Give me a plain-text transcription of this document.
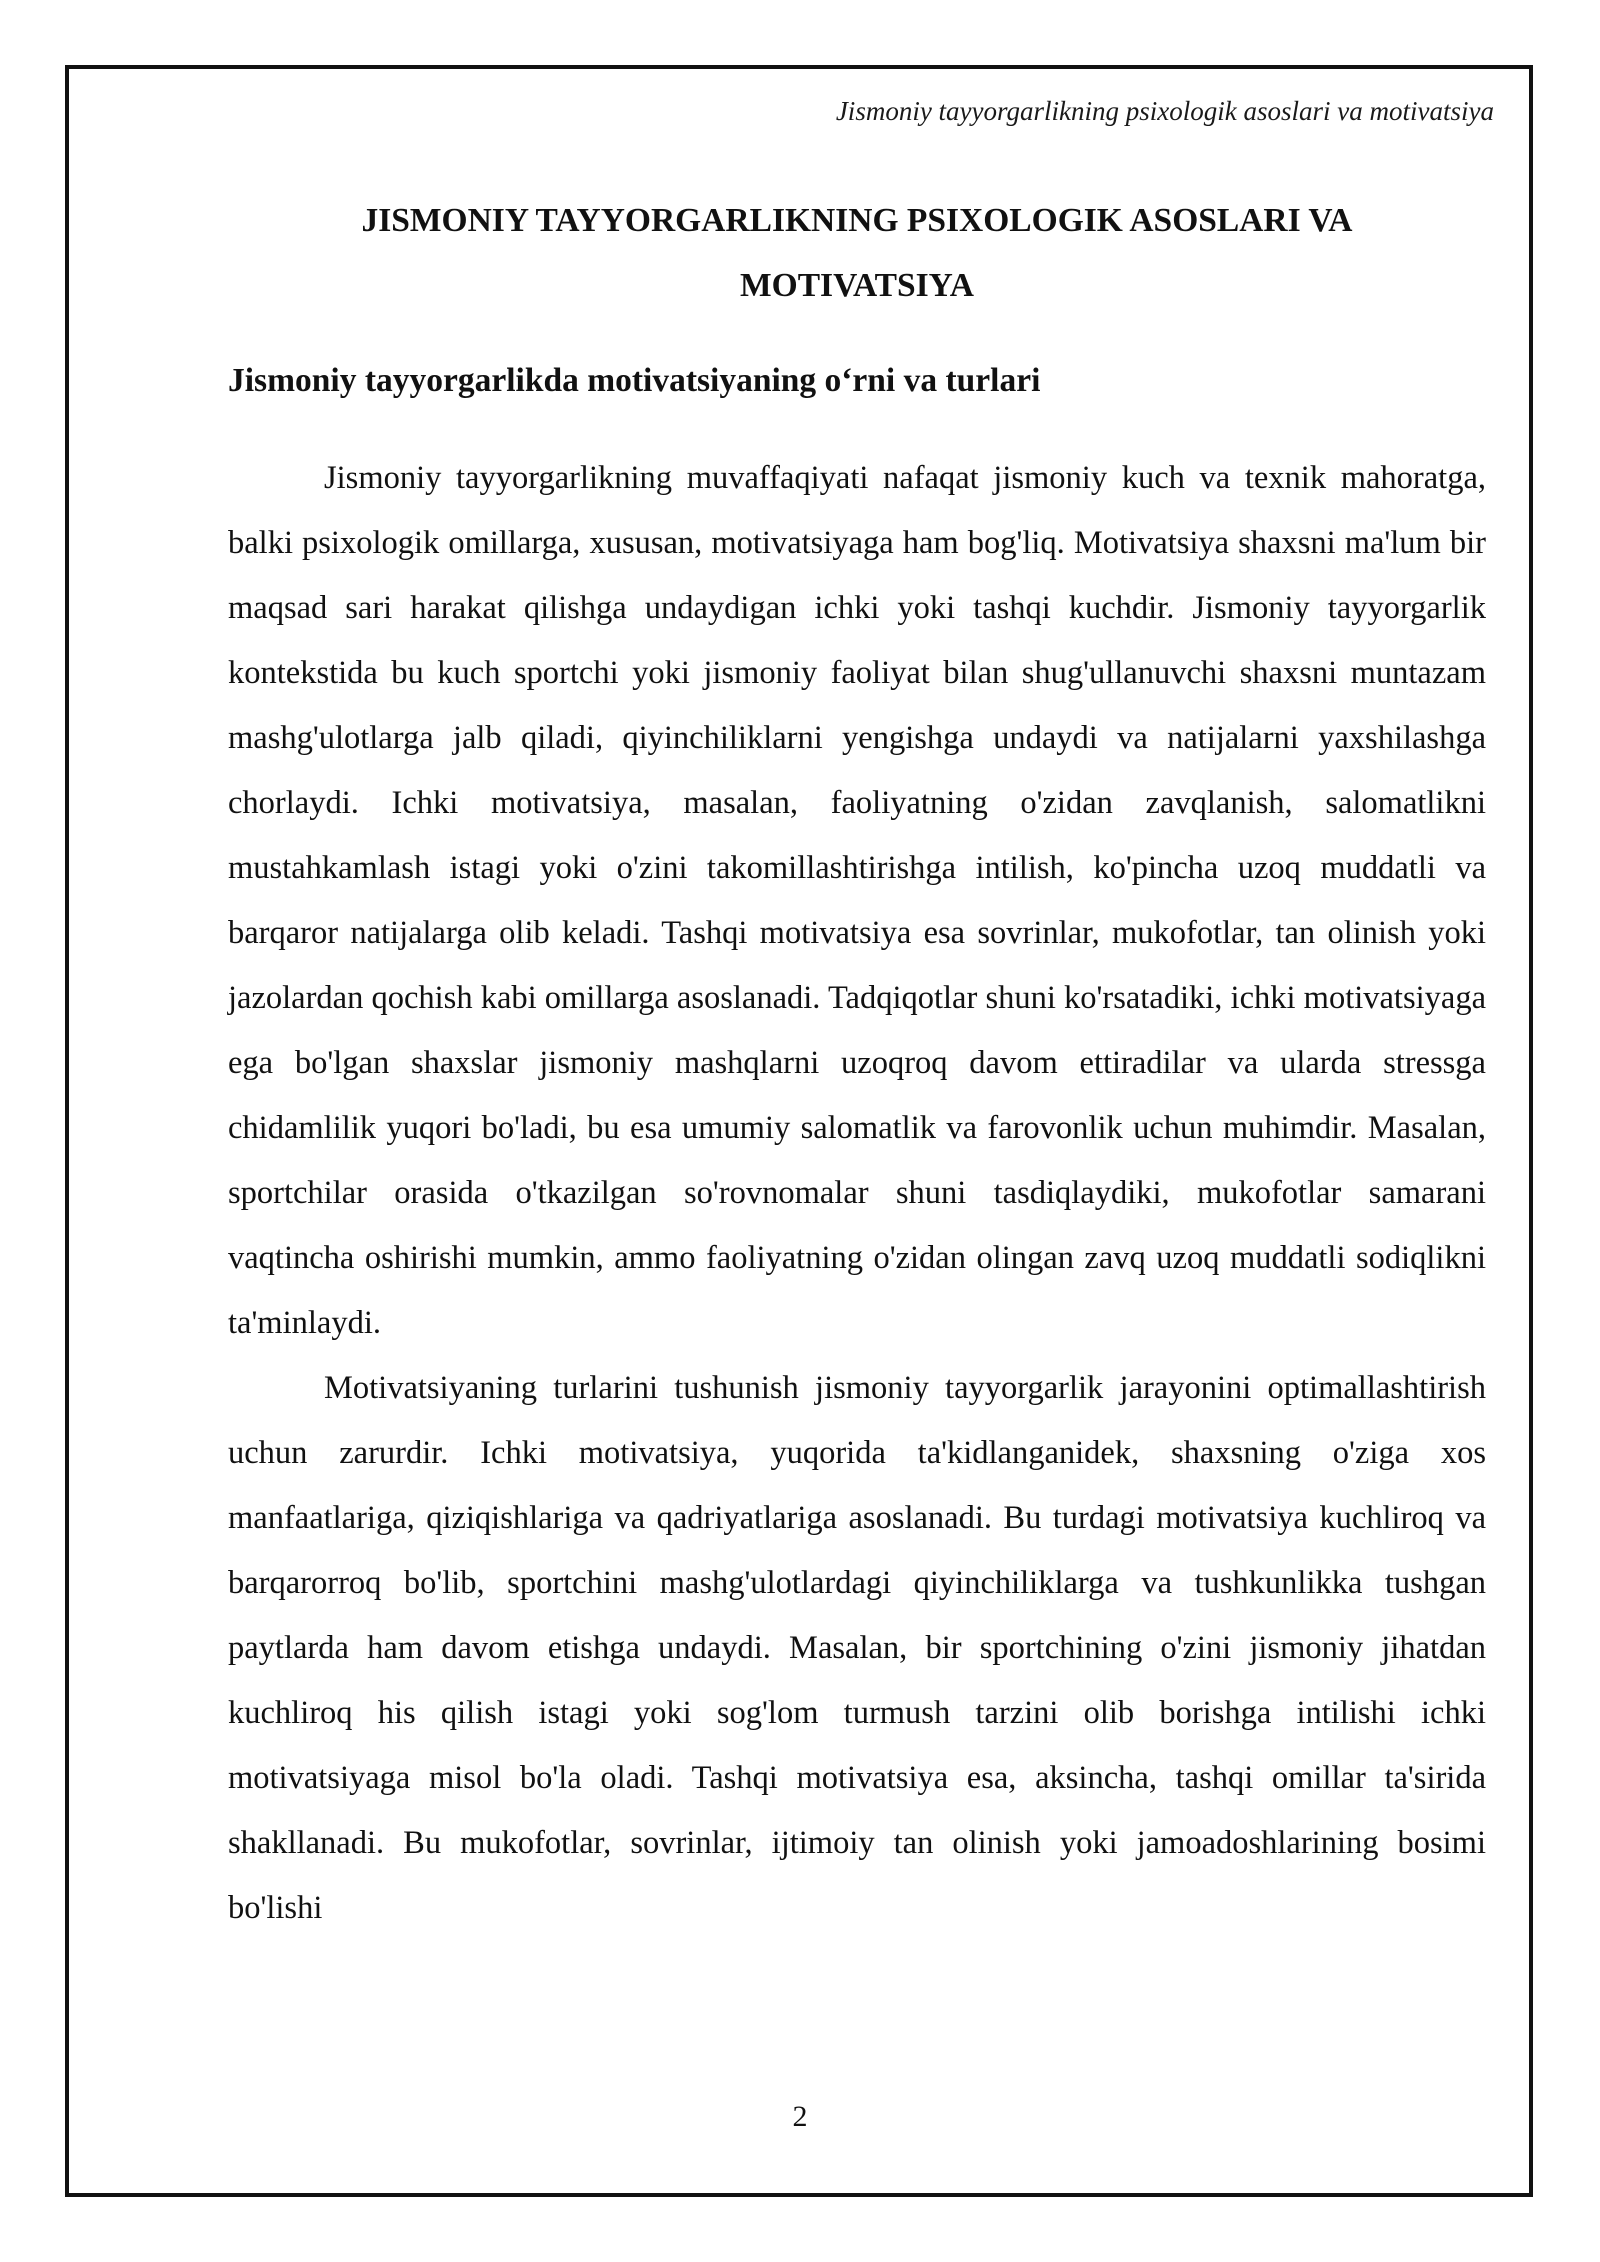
Jismoniy tayyorgarlikning psixologik asoslari va motivatsiya
JISMONIY TAYYORGARLIKNING PSIXOLOGIK ASOSLARI VA
MOTIVATSIYA
Jismoniy tayyorgarlikda motivatsiyaning oʻrni va turlari

Jismoniy tayyorgarlikning muvaffaqiyati nafaqat jismoniy kuch va texnik mahoratga, balki psixologik omillarga, xususan, motivatsiyaga ham bog'liq. Motivatsiya shaxsni ma'lum bir maqsad sari harakat qilishga undaydigan ichki yoki tashqi kuchdir. Jismoniy tayyorgarlik kontekstida bu kuch sportchi yoki jismoniy faoliyat bilan shug'ullanuvchi shaxsni muntazam mashg'ulotlarga jalb qiladi, qiyinchiliklarni yengishga undaydi va natijalarni yaxshilashga chorlaydi. Ichki motivatsiya, masalan, faoliyatning o'zidan zavqlanish, salomatlikni mustahkamlash istagi yoki o'zini takomillashtirishga intilish, ko'pincha uzoq muddatli va barqaror natijalarga olib keladi. Tashqi motivatsiya esa sovrinlar, mukofotlar, tan olinish yoki jazolardan qochish kabi omillarga asoslanadi. Tadqiqotlar shuni ko'rsatadiki, ichki motivatsiyaga ega bo'lgan shaxslar jismoniy mashqlarni uzoqroq davom ettiradilar va ularda stressga chidamlilik yuqori bo'ladi, bu esa umumiy salomatlik va farovonlik uchun muhimdir. Masalan, sportchilar orasida o'tkazilgan so'rovnomalar shuni tasdiqlaydiki, mukofotlar samarani vaqtincha oshirishi mumkin, ammo faoliyatning o'zidan olingan zavq uzoq muddatli sodiqlikni ta'minlaydi.

Motivatsiyaning turlarini tushunish jismoniy tayyorgarlik jarayonini optimallashtirish uchun zarurdir. Ichki motivatsiya, yuqorida ta'kidlanganidek, shaxsning o'ziga xos manfaatlariga, qiziqishlariga va qadriyatlariga asoslanadi. Bu turdagi motivatsiya kuchliroq va barqarorroq bo'lib, sportchini mashg'ulotlardagi qiyinchiliklarga va tushkunlikka tushgan paytlarda ham davom etishga undaydi. Masalan, bir sportchining o'zini jismoniy jihatdan kuchliroq his qilish istagi yoki sog'lom turmush tarzini olib borishga intilishi ichki motivatsiyaga misol bo'la oladi. Tashqi motivatsiya esa, aksincha, tashqi omillar ta'sirida shakllanadi. Bu mukofotlar, sovrinlar, ijtimoiy tan olinish yoki jamoadoshlarining bosimi bo'lishi

2
